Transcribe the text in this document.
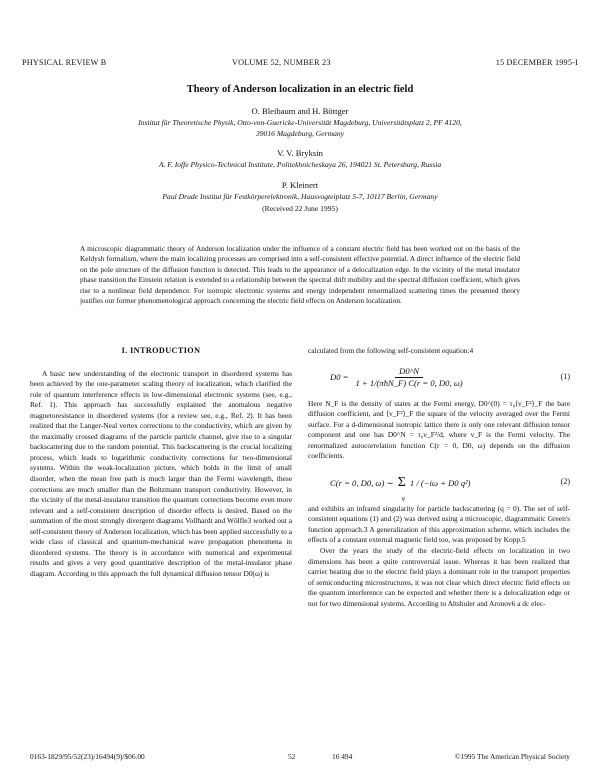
PHYSICAL REVIEW B	VOLUME 52, NUMBER 23	15 DECEMBER 1995-I
Theory of Anderson localization in an electric field
O. Bleibaum and H. Böttger
Institut für Theoretische Physik, Otto-von-Guericke-Universität Magdeburg, Universitätsplatz 2, PF 4120,
39016 Magdeburg, Germany
V. V. Bryksin
A. F. Ioffe Physico-Technical Institute, Politekhnicheskaya 26, 194021 St. Petersburg, Russia
P. Kleinert
Paul Drude Institut für Festkörperelektronik, Hausvogteiplatz 5-7, 10117 Berlin, Germany
(Received 22 June 1995)
A microscopic diagrammatic theory of Anderson localization under the influence of a constant electric field has been worked out on the basis of the Keldysh formalism, where the main localizing processes are comprised into a self-consistent effective potential. A direct influence of the electric field on the pole structure of the diffusion function is detected. This leads to the appearance of a delocalization edge. In the vicinity of the metal insulator phase transition the Einstein relation is extended to a relationship between the spectral drift mobility and the spectral diffusion coefficient, which gives rise to a nonlinear field dependence. For isotropic electronic systems and energy independent renormalized scattering times the presented theory justifies our former phenomenological approach concerning the electric field effects on Anderson localization.
I. INTRODUCTION

A basic new understanding of the electronic transport in disordered systems has been achieved by the one-parameter scaling theory of localization, which clarified the role of quantum interference effects in low-dimensional electronic systems (see, e.g., Ref. 1). This approach has successfully explained the anomalous negative magnetoresistance in disordered systems (for a review see, e.g., Ref. 2). It has been realized that the Langer-Neal vertex corrections to the conductivity, which are given by the maximally crossed diagrams of the particle particle channel, give rise to a singular backscattering due to the random potential. This backscattering is the crucial localizing process, which leads to logarithmic conductivity corrections for two-dimensional systems. Within the weak-localization picture, which holds in the limit of small disorder, when the mean free path is much larger than the Fermi wavelength, these corrections are much smaller than the Boltzmann transport conductivity. However, in the vicinity of the metal-insulator transition the quantum corrections become even more relevant and a self-consistent description of disorder effects is desired. Based on the summation of the most strongly divergent diagrams Vollhardt and Wölfle3 worked out a self-consistent theory of Anderson localization, which has been applied successfully to a wide class of classical and quantum-mechanical wave propagation phenomena in disordered systems. The theory is in accordance with numerical and experimental results and gives a very good quantitative description of the metal-insulator phase diagram. According to this approach the full dynamical diffusion tensor D0(ω) is

calculated from the following self-consistent equation:4

$D0 = \frac{D0\^{}N}{\text{1 + 1/(πħN\_F) C(r = 0, D0, ω)}}$	(1)

Here N_F is the density of states at the Fermi energy, D0^(0) = τ₀⟨v_F²⟩_F the bare diffusion coefficient, and ⟨v_F²⟩_F the square of the velocity averaged over the Fermi surface. For a d-dimensional isotropic lattice there is only one relevant diffusion tensor component and one has D0^N = τ₀v_F²/d, where v_F is the Fermi velocity. The renormalized autocorrelation function C(r = 0, D0, ω) depends on the diffusion coefficients.

C(r = 0, D0, ω) ∼ Σ
q
1 / (−iω + D0 q²)	(2)

and exhibits an infrared singularity for particle backscattering (q = 0). The set of self-consistent equations (1) and (2) was derived using a microscopic, diagrammatic Green's function approach.3 A generalization of this approximation scheme, which includes the effects of a constant external magnetic field too, was proposed by Kopp.5

Over the years the study of the electric-field effects on localization in two dimensions has been a quite controversial issue. Whereas it has been realized that carrier heating due to the electric field plays a dominant role in the transport properties of semiconducting microstructures, it was not clear which direct electric field effects on the quantum interference can be expected and whether there is a delocalization edge or not for two dimensional systems. According to Altshuler and Aronov6 a dc elec-

0163-1829/95/52(23)/16494(9)/$06.00	52	16 494	©1995 The American Physical Society
